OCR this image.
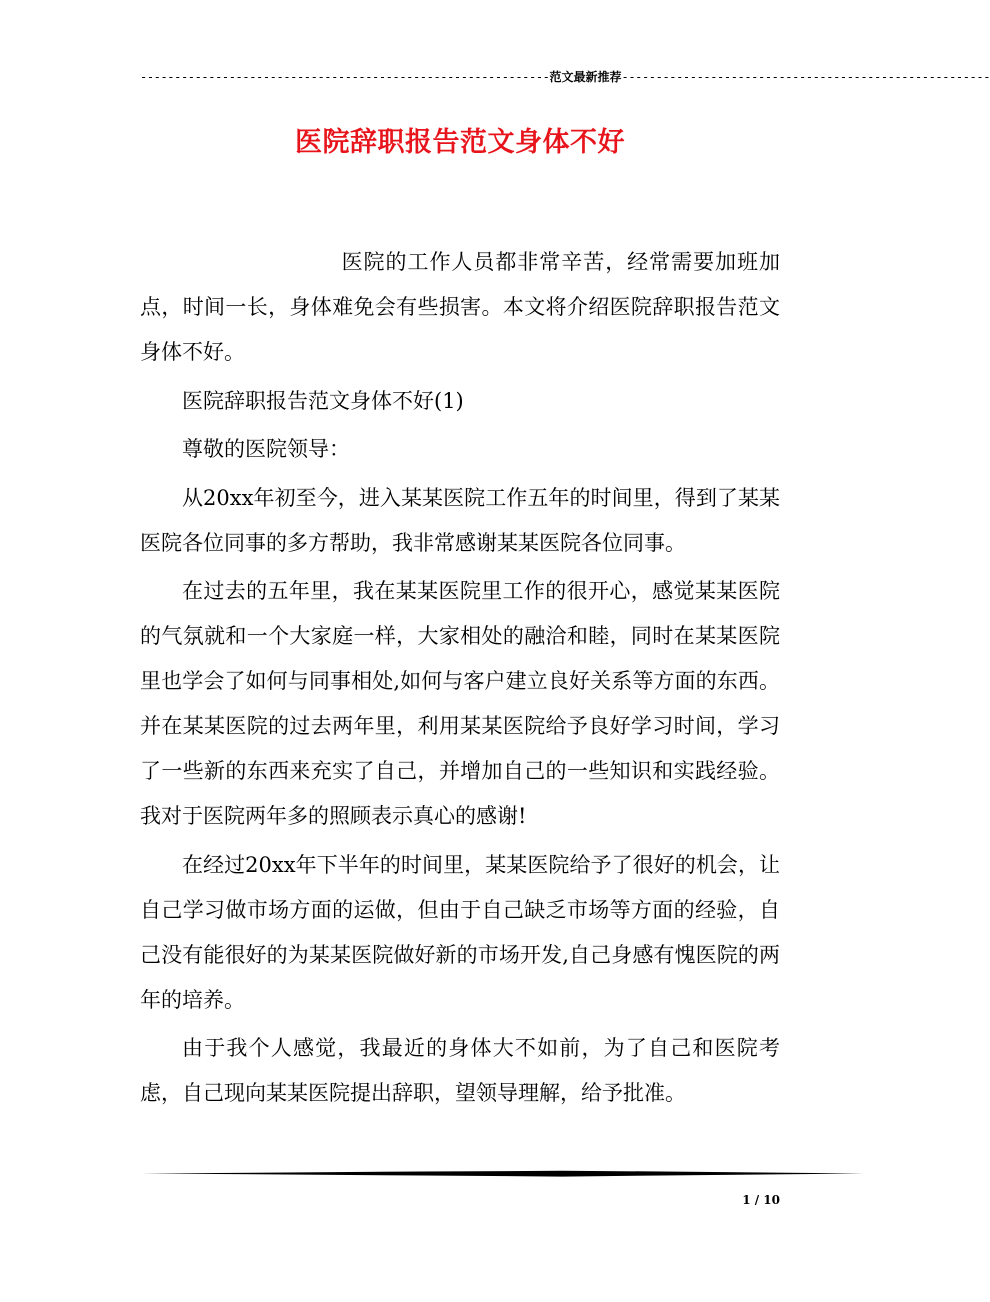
------------------------------------------------------------范文最新推荐------------------------------------------------------
医院辞职报告范文身体不好

医院的工作人员都非常辛苦，经常需要加班加点，时间一长，身体难免会有些损害。本文将介绍医院辞职报告范文身体不好。

医院辞职报告范文身体不好(1)

尊敬的医院领导：

从20xx年初至今，进入某某医院工作五年的时间里，得到了某某医院各位同事的多方帮助，我非常感谢某某医院各位同事。

在过去的五年里，我在某某医院里工作的很开心，感觉某某医院的气氛就和一个大家庭一样，大家相处的融洽和睦，同时在某某医院里也学会了如何与同事相处,如何与客户建立良好关系等方面的东西。并在某某医院的过去两年里，利用某某医院给予良好学习时间，学习了一些新的东西来充实了自己，并增加自己的一些知识和实践经验。我对于医院两年多的照顾表示真心的感谢!

在经过20xx年下半年的时间里，某某医院给予了很好的机会，让自己学习做市场方面的运做，但由于自己缺乏市场等方面的经验，自己没有能很好的为某某医院做好新的市场开发,自己身感有愧医院的两年的培养。

由于我个人感觉，我最近的身体大不如前，为了自己和医院考虑，自己现向某某医院提出辞职，望领导理解，给予批准。

1 / 10
